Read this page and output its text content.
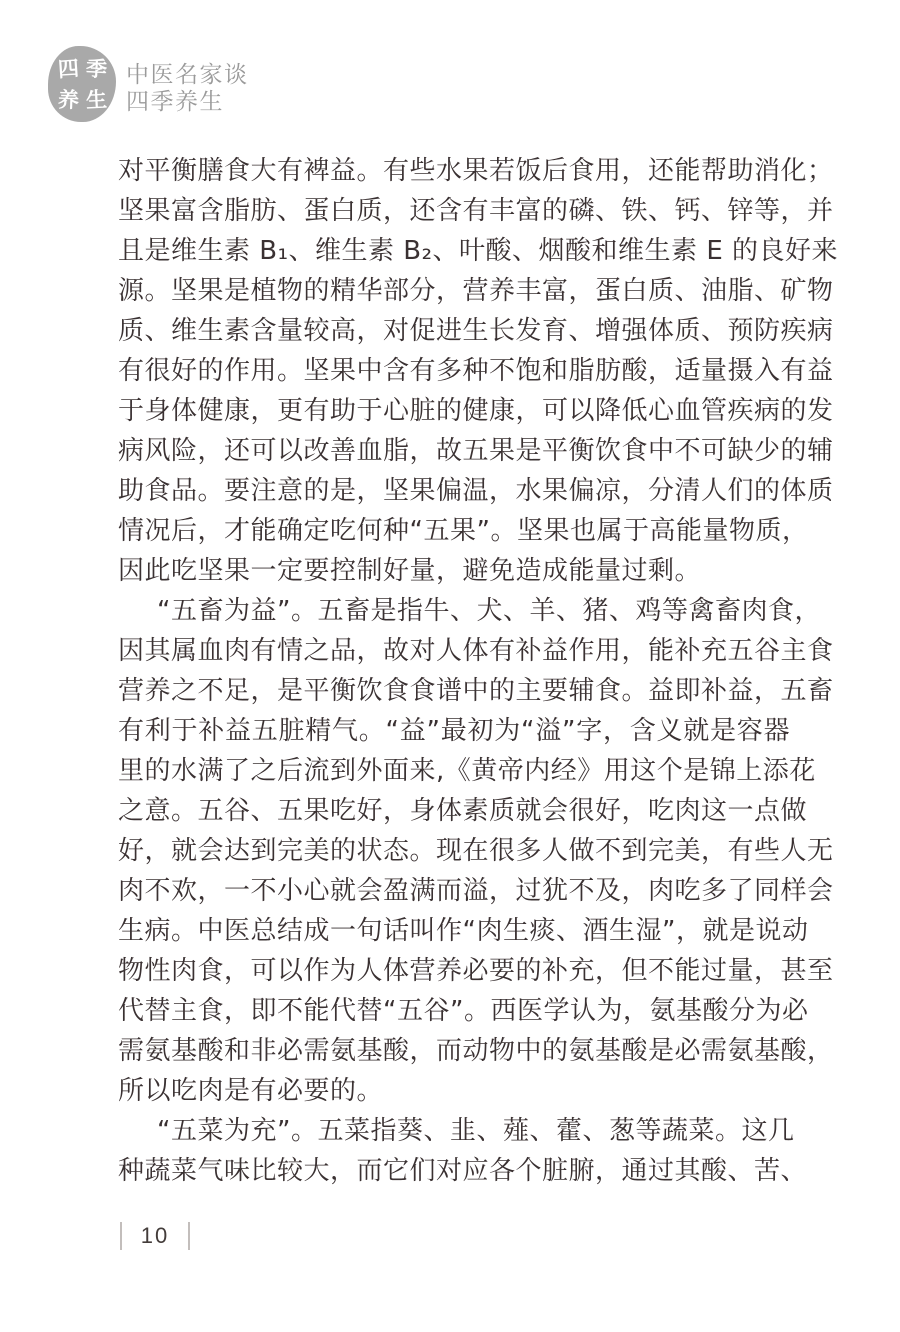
四 季
养 生
中医名家谈
四季养生
对平衡膳食大有裨益。有些水果若饭后食用，还能帮助消化；
坚果富含脂肪、蛋白质，还含有丰富的磷、铁、钙、锌等，并
且是维生素 B₁、维生素 B₂、叶酸、烟酸和维生素 E 的良好来
源。坚果是植物的精华部分，营养丰富，蛋白质、油脂、矿物
质、维生素含量较高，对促进生长发育、增强体质、预防疾病
有很好的作用。坚果中含有多种不饱和脂肪酸，适量摄入有益
于身体健康，更有助于心脏的健康，可以降低心血管疾病的发
病风险，还可以改善血脂，故五果是平衡饮食中不可缺少的辅
助食品。要注意的是，坚果偏温，水果偏凉，分清人们的体质
情况后，才能确定吃何种“五果”。坚果也属于高能量物质，
因此吃坚果一定要控制好量，避免造成能量过剩。
“五畜为益”。五畜是指牛、犬、羊、猪、鸡等禽畜肉食，
因其属血肉有情之品，故对人体有补益作用，能补充五谷主食
营养之不足，是平衡饮食食谱中的主要辅食。益即补益，五畜
有利于补益五脏精气。“益”最初为“溢”字，含义就是容器
里的水满了之后流到外面来,《黄帝内经》用这个是锦上添花
之意。五谷、五果吃好，身体素质就会很好，吃肉这一点做
好，就会达到完美的状态。现在很多人做不到完美，有些人无
肉不欢，一不小心就会盈满而溢，过犹不及，肉吃多了同样会
生病。中医总结成一句话叫作“肉生痰、酒生湿”，就是说动
物性肉食，可以作为人体营养必要的补充，但不能过量，甚至
代替主食，即不能代替“五谷”。西医学认为，氨基酸分为必
需氨基酸和非必需氨基酸，而动物中的氨基酸是必需氨基酸，
所以吃肉是有必要的。
“五菜为充”。五菜指葵、韭、薤、藿、葱等蔬菜。这几
种蔬菜气味比较大，而它们对应各个脏腑，通过其酸、苦、
10
